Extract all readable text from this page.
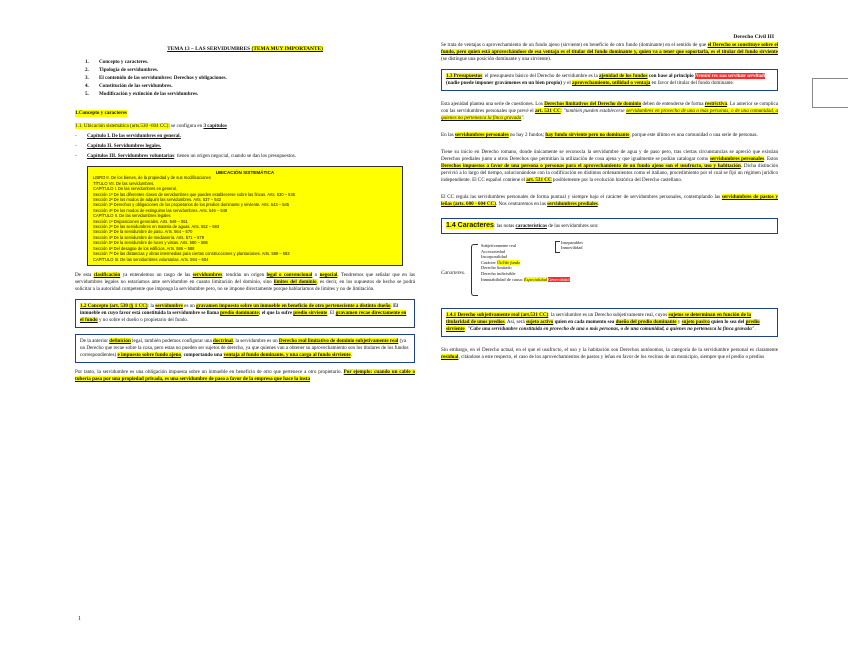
Derecho Civil III
TEMA 13 – LAS SERVIDUMBRES (TEMA MUY IMPORTANTE)
1. Concepto y caracteres.
2. Tipología de servidumbres.
3. El contenido de las servidumbres: Derechos y obligaciones.
4. Constitución de las servidumbres.
5. Modificación y extinción de las servidumbres.
1.Concepto y caracteres
1.1. Ubicación sistemática (arts.530 -604 CC): se configura en 3 capítulos
- Capítulo I. De las servidumbres en general.
- Capítulo II. Servidumbres legales.
- Capítulos III. Servidumbres voluntarias: tienen un origen negocial, cuando se dan los presupuestos.
UBICACIÓN SISTEMÁTICA
LIBRO II. De los bienes, de la propiedad y de sus modificaciones
TÍTULO VII. De las servidumbres.
CAPÍTULO I. De las servidumbres en general.
Sección 1ª De las diferentes clases de servidumbres que pueden establecerse sobre las fincas. Arts. 530 – 536
Sección 2ª De los modos de adquirir las servidumbres. Arts. 537 – 542
Sección 3ª Derechos y obligaciones de los propietarios de los predios dominante y sirviente. Arts. 543 – 545
Sección 4ª De los modos de extinguirse las servidumbres. Arts. 546 – 548
CAPÍTULO II. De las servidumbres legales
Sección 1ª Disposiciones generales. Arts. 549 – 551
Sección 2ª De las servidumbres en materia de aguas. Arts. 552 – 593
Sección 3ª De la servidumbre de paso. Arts. 564 – 570
Sección 4ª De la servidumbre de medianería. Arts. 571 – 579
Sección 5ª De la servidumbre de luces y vistas. Arts. 580 – 585
Sección 6ª Del desagüe de los edificios. Arts. 586 – 588
Sección 7ª De las distancias y obras intermedias para ciertas construcciones y plantaciones. Arts. 589 – 593
CAPÍTULO III. De las servidumbres voluntarias. Arts. 594 – 604

De esta clasificación ya entendemos un rasgo de las servidumbres: tendrán un origen legal o convencional o negocial. Tendremos que señalar que en las servidumbres legales no estaríamos ante servidumbre en cuanto limitación del dominio, sino límites del dominio, es decir, en los supuestos de hecho se podrá solicitar a la autoridad competente que imponga la servidumbre pero, no se impone directamente porque hablaríamos de límites y no de limitación.

1.2 Concepto (art. 530 (§ 1 CC): la servidumbre es un gravamen impuesto sobre un inmueble en beneficio de otro perteneciente a distinto dueño. El inmueble en cuyo favor está constituida la servidumbre se llama predio dominante; el que la sufre predio sirviente. El gravamen recae directamente en el fundo y no sobre el dueño o propietario del fundo.
De la anterior definición legal, también podemos configurar una doctrinal, la servidumbre es un Derecho real limitativo de dominio subjetivamente real (ya un Derecho que recae sobre la cosa, pero estas no pueden ser sujetos de derecho, ya que quienes van a obtener su aprovechamiento son los titulares de los fundos correspondientes) e impuesto sobre fundo ajeno, comportando una ventaja al fundo dominante, y una carga al fundo sirviente.

Por tanto, la servidumbre es una obligación impuesta sobre un inmueble en beneficio de otro que pertenece a otro propietario. Por ejemplo: cuando un cable o tubería pasa por una propiedad privada, es una servidumbre de paso a favor de la empresa que hace la insta

Se trata de ventajas o aprovechamiento de un fundo ajeno (sirviente) en beneficio de otro fundo (dominante) en el sentido de que el Derecho se constituye sobre el fundo, pero quien está aprovechándose de esa ventaja es el titular del fundo dominante y, quien va a tener que soportarla, es el titular del fundo sirviente (se distingue una posición dominante y una sirviente).

1.3 Presupuestos: el presupuesto básico del Derecho de servidumbre es la ajenidad de los fundos con base al principio Nemini res sua servitute servitudi (nadie puede imponer gravámenes en un bien propio) y el aprovechamiento, utilidad o ventaja en favor del titular del fundo dominante.

Esta ajenidad plantea una serie de cuestiones. Los Derechos limitativos del Derecho de dominio deben de entenderse de forma restrictiva. Lo anterior se complica con las servidumbres personales que prevé el art. 531 CC: "también pueden establecerse servidumbres en provecho de una o más personas, o de una comunidad, a quienes no pertenezca la finca gravada".

En las servidumbres personales no hay 2 fundos; hay fundo sirviente pero no dominante, porque este último es una comunidad o una serie de personas.

Tiene su inicio en Derecho romano, donde únicamente se reconocía la servidumbre de agua y de paso pero, tras ciertas circunstancias se apreció que existían Derechos prediales junto a otros Derechos que permitían la utilización de cosa ajena y que igualmente se podían catalogar como servidumbres personales. Estos Derechos impuestos a favor de una persona o personas para el aprovechamiento de un fundo ajeno son el usufructo, uso y habitación. Dicha distinción pervivió a lo largo del tiempo, solucionándose con la codificación en distintos ordenamientos como el italiano, procedimiento por el cual se fijó un régimen jurídico independiente. El CC español contiene el art. 531 CC posiblemente por la evolución histórica del Derecho castellano.

El CC regula las servidumbres personales de forma puntual y siempre bajo el carácter de servidumbres personales, contemplando las servidumbres de pastos y leñas (arts. 600 - 604 CC). Nos centraremos en las servidumbres prediales.

1.4 Caracteres: las notas características de las servidumbres son:
Caracteres.
Subjetivamente real
Accesoriedad
Incorporalidad
Carácter Útil/de fundo
Derecho limitado
Derecho indivisible
Inmutabilidad de causa: Especialidad Generalidad
Inseparables
Inmovilidad
1.4.1 Derecho subjetivamente real (art.531 CC): la servidumbre es un Derecho subjetivamente real, cuyos sujetos se determinan en función de la titularidad de unos predios. Así, será sujeto activo quien en cada momento sea dueño del predio dominante y sujeto pasivo quien lo sea del predio sirviente. "Cabe una servidumbre constituida en provecho de una o más personas, o de una comunidad, a quienes no pertenezca la finca gravada".

Sin embargo, en el Derecho actual, en el que el usufructo, el uso y la habitación son Derechos autónomos, la categoría de la servidumbre personal es claramente residual, citándose a este respecto, el caso de los aprovechamientos de pastos y leñas en favor de los vecinos de un municipio, siempre que el predio o predios

1
